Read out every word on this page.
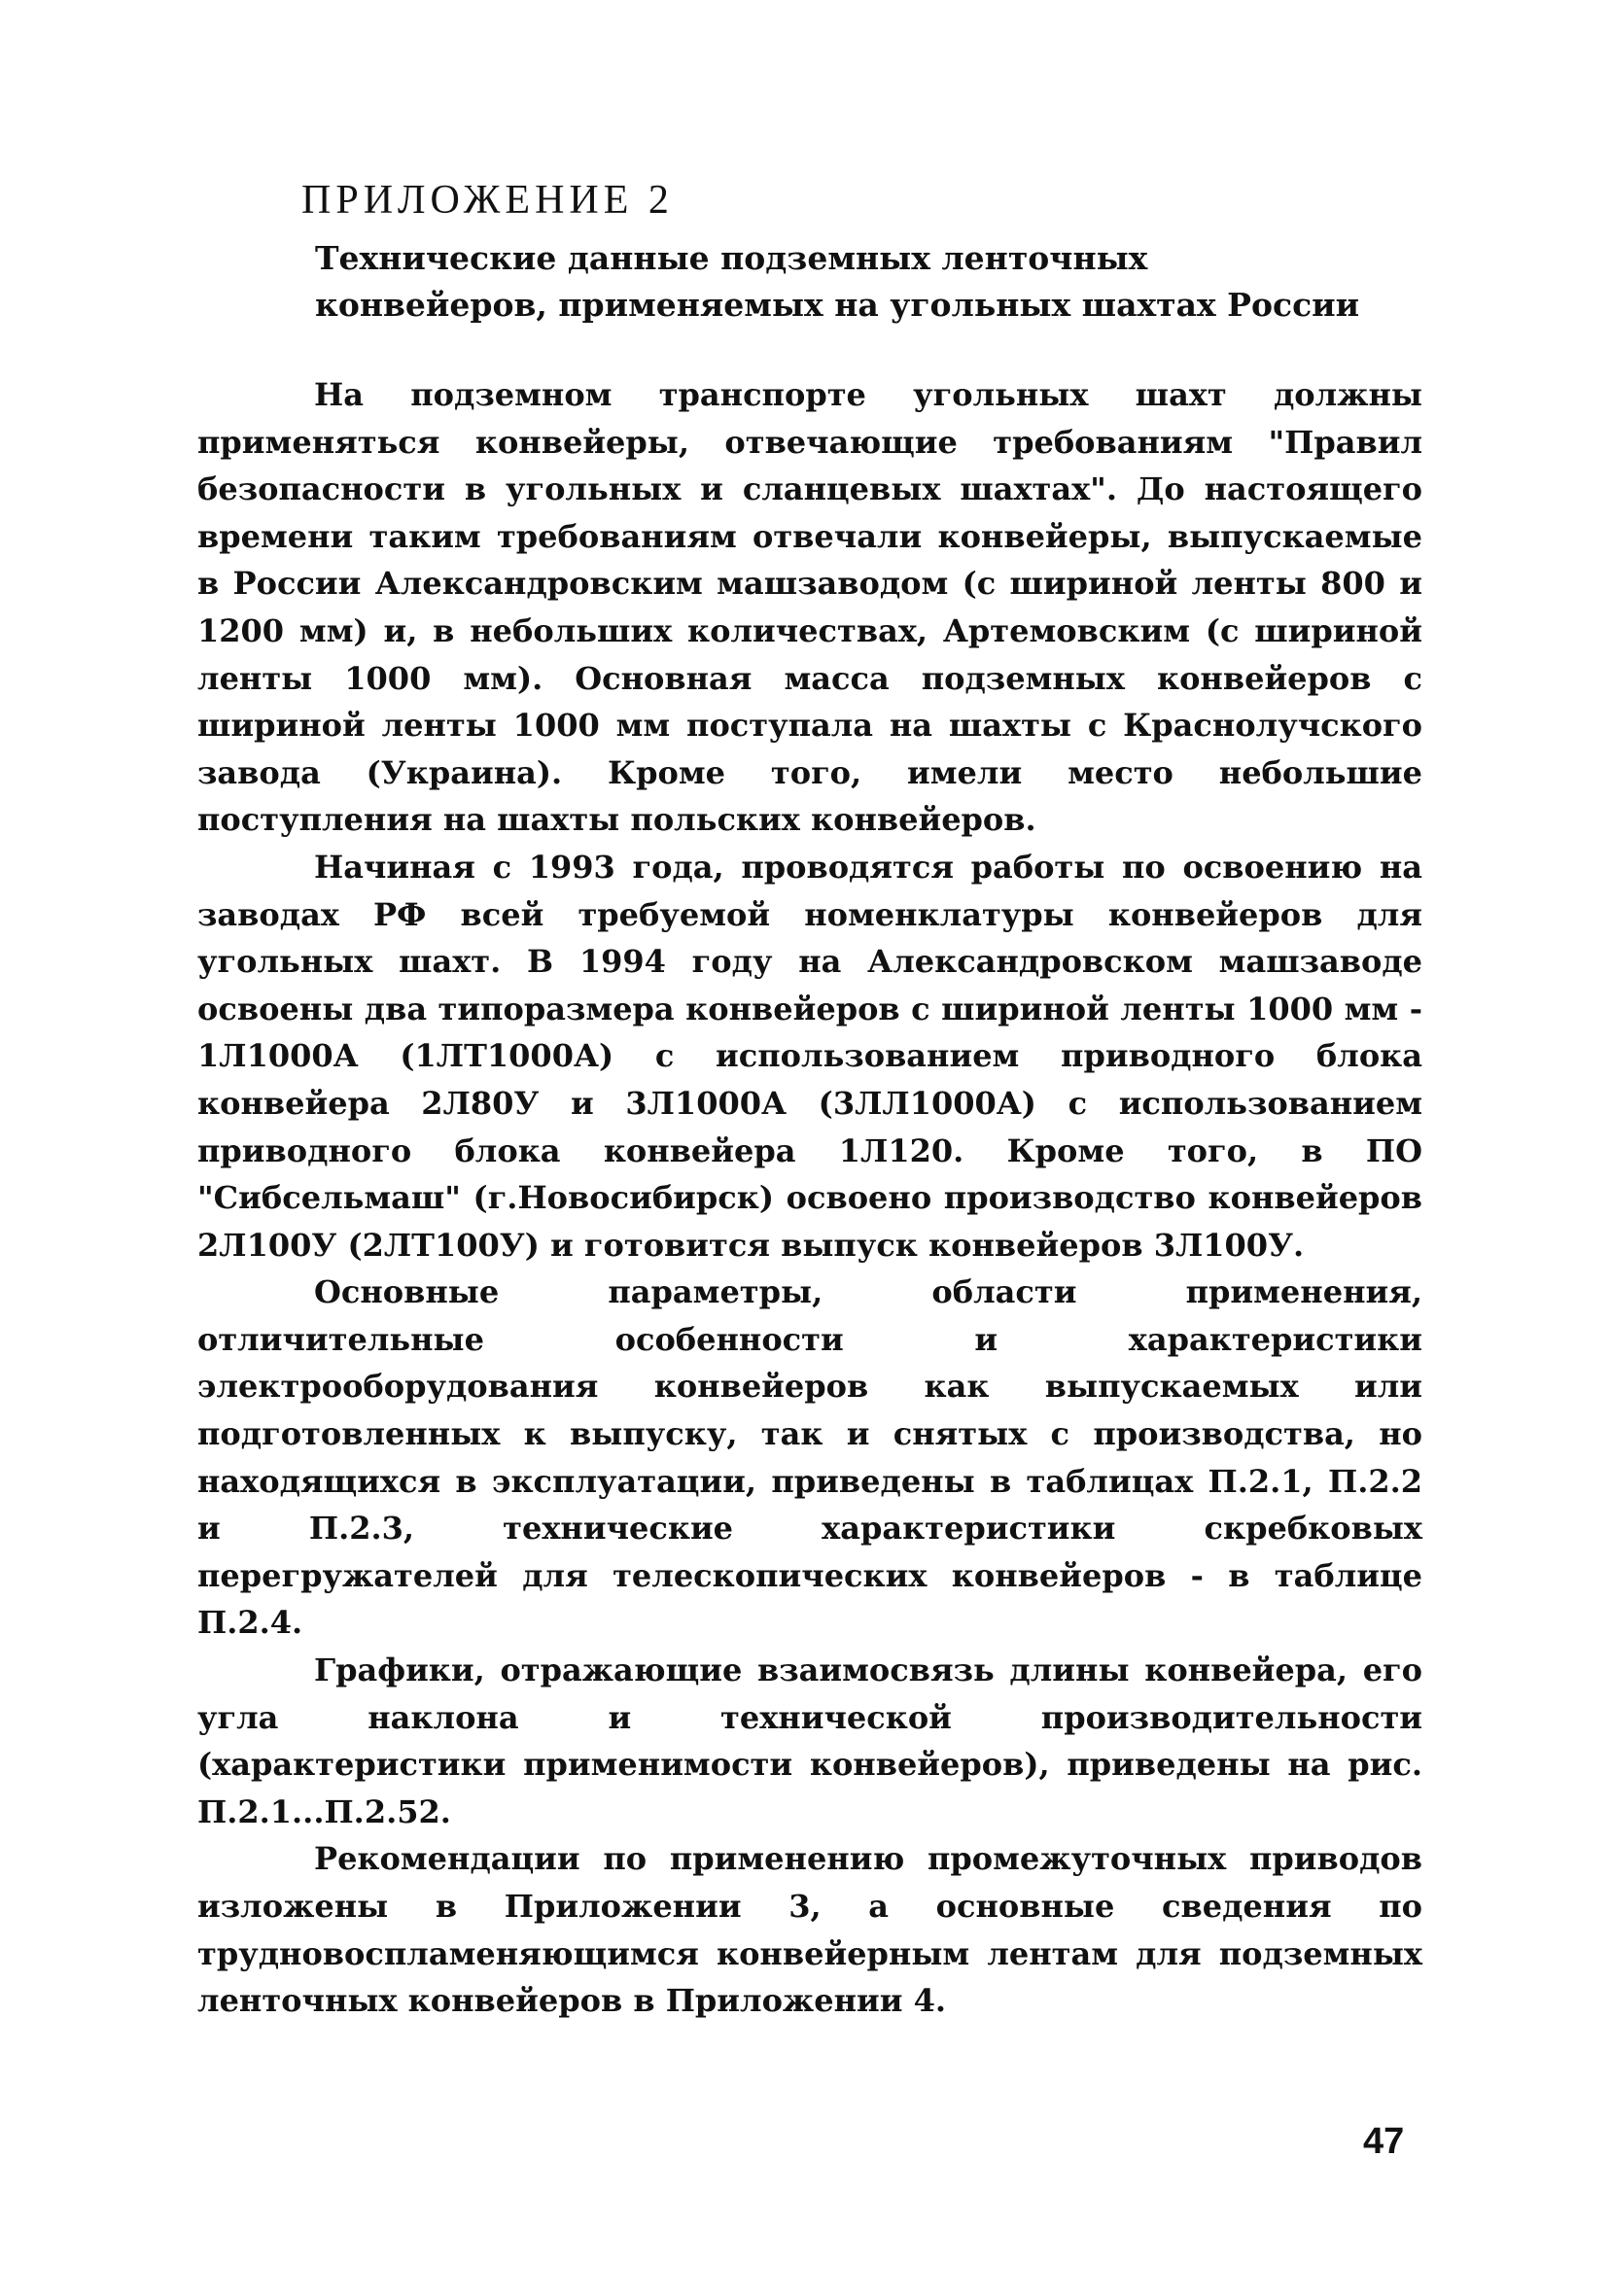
ПРИЛОЖЕНИЕ 2
Технические данные подземных ленточных
конвейеров, применяемых на угольных шахтах России

На подземном транспорте угольных шахт должны применяться конвейеры, отвечающие требованиям "Правил безопасности в угольных и сланцевых шахтах". До настоящего времени таким требованиям отвечали конвейеры, выпускаемые в России Александровским машзаводом (с шириной ленты 800 и 1200 мм) и, в небольших количествах, Артемовским (с шириной ленты 1000 мм). Основная масса подземных конвейеров с шириной ленты 1000 мм поступала на шахты с Краснолучского завода (Украина). Кроме того, имели место небольшие поступления на шахты польских конвейеров.

Начиная с 1993 года, проводятся работы по освоению на заводах РФ всей требуемой номенклатуры конвейеров для угольных шахт. В 1994 году на Александровском машзаводе освоены два типоразмера конвейеров с шириной ленты 1000 мм - 1Л1000А (1ЛТ1000А) с использованием приводного блока конвейера 2Л80У и 3Л1000А (3ЛЛ1000А) с использованием приводного блока конвейера 1Л120. Кроме того, в ПО "Сибсельмаш" (г.Новосибирск) освоено производство конвейеров 2Л100У (2ЛТ100У) и готовится выпуск конвейеров 3Л100У.

Основные параметры, области применения, отличительные особенности и характеристики электрооборудования конвейеров как выпускаемых или подготовленных к выпуску, так и снятых с производства, но находящихся в эксплуатации, приведены в таблицах П.2.1, П.2.2 и П.2.3, технические характеристики скребковых перегружателей для телескопических конвейеров - в таблице П.2.4.

Графики, отражающие взаимосвязь длины конвейера, его угла наклона и технической производительности (характеристики применимости конвейеров), приведены на рис. П.2.1...П.2.52.

Рекомендации по применению промежуточных приводов изложены в Приложении 3, а основные сведения по трудновоспламеняющимся конвейерным лентам для подземных ленточных конвейеров в Приложении 4.

47
